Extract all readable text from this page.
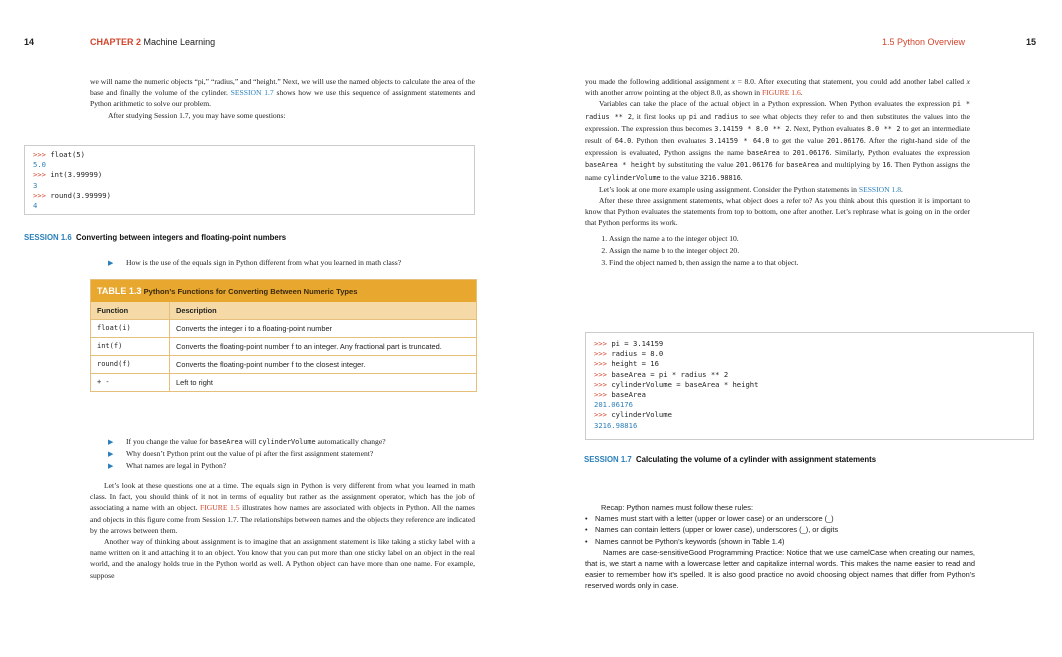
14	CHAPTER 2 Machine Learning	1.5 Python Overview	15

we will name the numeric objects “pi,” “radius,” and “height.” Next, we will use the named objects to calculate the area of the base and finally the volume of the cylinder. SESSION 1.7 shows how we use this sequence of assignment statements and Python arithmetic to solve our problem.

After studying Session 1.7, you may have some questions:

>>> float(5)
5.0
>>> int(3.99999)
3
>>> round(3.99999)
4
SESSION 1.6 Converting between integers and floating-point numbers
▶ How is the use of the equals sign in Python different from what you learned in math class?
TABLE 1.3 Python’s Functions for Converting Between Numeric Types
Function	Description
float(i)	Converts the integer i to a floating-point number
int(f)	Converts the floating-point number f to an integer. Any fractional part is truncated.
round(f)	Converts the floating-point number f to the closest integer.
+ -	Left to right
▶ If you change the value for baseArea will cylinderVolume automatically change?
▶ Why doesn’t Python print out the value of pi after the first assignment statement?
▶ What names are legal in Python?

Let’s look at these questions one at a time. The equals sign in Python is very different from what you learned in math class. In fact, you should think of it not in terms of equality but rather as the assignment operator, which has the job of associating a name with an object. FIGURE 1.5 illustrates how names are associated with objects in Python. All the names and objects in this figure come from Session 1.7. The relationships between names and the objects they reference are indicated by the arrows between them.

Another way of thinking about assignment is to imagine that an assignment statement is like taking a sticky label with a name written on it and attaching it to an object. You know that you can put more than one sticky label on an object in the real world, and the analogy holds true in the Python world as well. A Python object can have more than one name. For example, suppose

you made the following additional assignment x = 8.0. After executing that statement, you could add another label called x with another arrow pointing at the object 8.0, as shown in FIGURE 1.6.

Variables can take the place of the actual object in a Python expression. When Python evaluates the expression pi * radius ** 2, it first looks up pi and radius to see what objects they refer to and then substitutes the values into the expression. The expression thus becomes 3.14159 * 8.0 ** 2. Next, Python evaluates 8.0 ** 2 to get an intermediate result of 64.0. Python then evaluates 3.14159 * 64.0 to get the value 201.06176. After the right-hand side of the expression is evaluated, Python assigns the name baseArea to 201.06176. Similarly, Python evaluates the expression baseArea * height by substituting the value 201.06176 for baseArea and multiplying by 16. Then Python assigns the name cylinderVolume to the value 3216.98816.

Let’s look at one more example using assignment. Consider the Python statements in SESSION 1.8.

After these three assignment statements, what object does a refer to? As you think about this question it is important to know that Python evaluates the statements from top to bottom, one after another. Let’s rephrase what is going on in the order that Python performs its work.

1. Assign the name a to the integer object 10.
2. Assign the name b to the integer object 20.
3. Find the object named b, then assign the name a to that object.
>>> pi = 3.14159
>>> radius = 8.0
>>> height = 16
>>> baseArea = pi * radius ** 2
>>> cylinderVolume = baseArea * height
>>> baseArea
201.06176
>>> cylinderVolume
3216.98816
SESSION 1.7 Calculating the volume of a cylinder with assignment statements
Recap: Python names must follow these rules:
• Names must start with a letter (upper or lower case) or an underscore (_)
• Names can contain letters (upper or lower case), underscores (_), or digits
• Names cannot be Python’s keywords (shown in Table 1.4)
Names are case-sensitiveGood Programming Practice: Notice that we use camelCase when creating our names, that is, we start a name with a lowercase letter and capitalize internal words. This makes the name easier to read and easier to remember how it’s spelled. It is also good practice no avoid choosing object names that differ from Python’s reserved words only in case.
